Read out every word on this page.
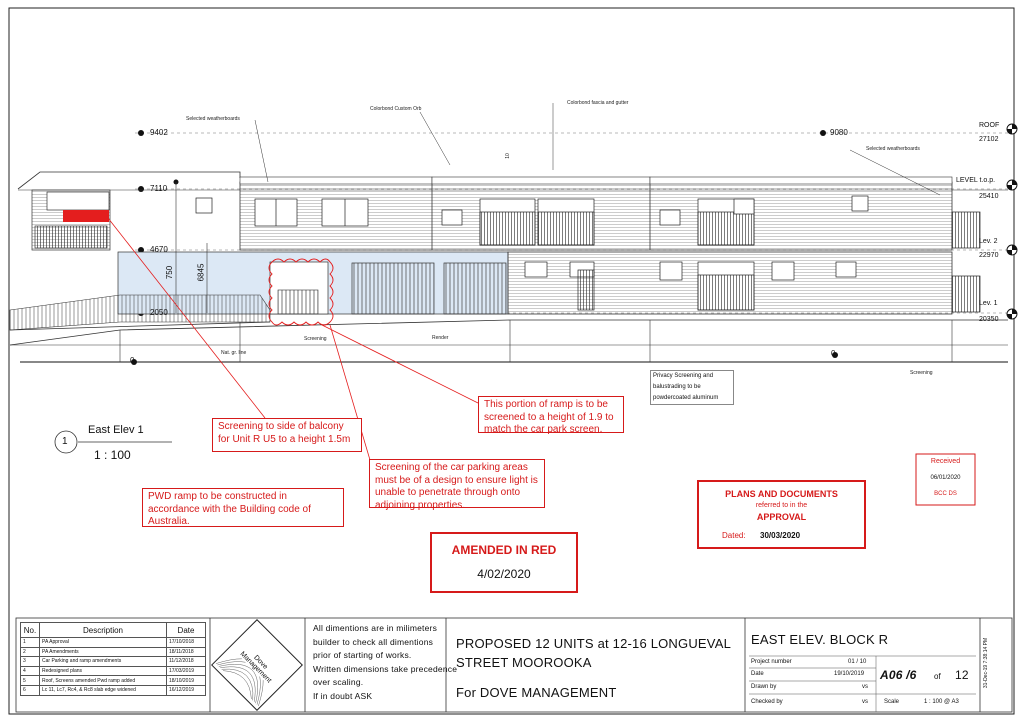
9402	9080
7110
4670
2050
0
0
750	6845
ROOF
27102
LEVEL t.o.p.
25410
Lev. 2
22970
Lev. 1
20350
Selected weatherboards
Selected weatherboards
Colorbond Custom Orb
Colorbond fascia and gutter
10
Nat. gr. line
Screening
Screening
Render
Privacy Screening and balustrading to be powdercoated aluminum
1
East Elev 1
1 : 100
Screening to side of balcony for Unit R U5 to a height 1.5m
This portion of ramp is to be screened to a height of 1.9 to match the car park screen.
Screening of the car parking areas must be of a design to ensure light is unable to penetrate through onto adjoining properties.
PWD ramp to be constructed in accordance with the Building code of Australia.
AMENDED IN RED
4/02/2020
PLANS AND DOCUMENTS
referred to in the
APPROVAL
Dated: 30/03/2020
Received
06/01/2020
BCC DS
No.	Description	Date
1	PA Approval	17/10/2018
2	PA Amendments	18/11/2018
3	Car Parking and ramp amendments	11/12/2018
4	Redesigned plans	17/03/2019
5	Roof, Screens amended Pwd ramp added	18/10/2019
6	Lc 11, Lc7, Rc4, & Rc8 slab edge widened	16/12/2019
Dove Management
All dimentions are in milimeters
builder to check all dimentions
prior of starting of works.
Written dimensions take precedence
over scaling.
If in doubt ASK
PROPOSED 12 UNITS at 12-16 LONGUEVAL
STREET MOOROOKA
For DOVE MANAGEMENT
EAST ELEV. BLOCK R
Project number	01 / 10
Date	19/10/2019
Drawn by	vs
Checked by	vs	Scale	1 : 100 @ A3
A06 /6 of 12	31-Dec-19 7:38:14 PM
